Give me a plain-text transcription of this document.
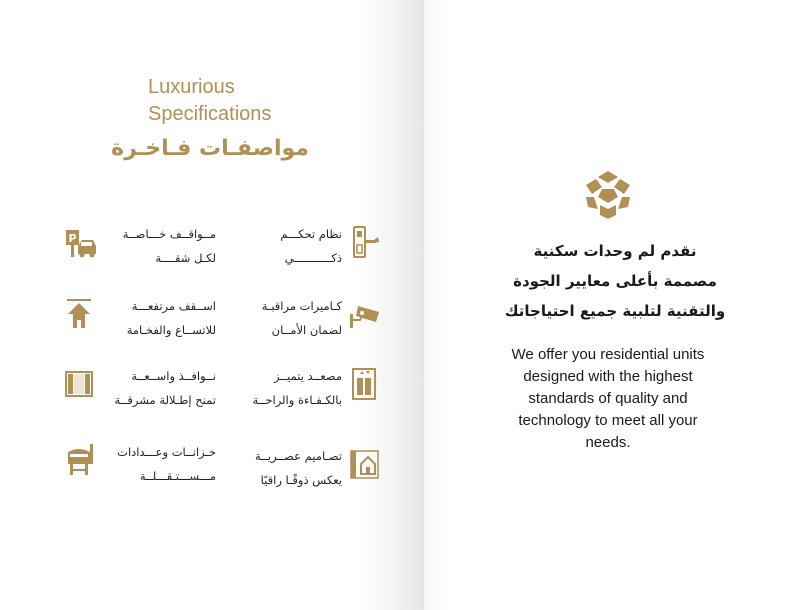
Luxurious
Specifications
مواصفـات فـاخـرة
P	مــواقــف خـــاصــة
لكـل شقــــة
نظام تحكـــم
ذكـــــــــــي
اســقف مرتفعـــة
للاتســاع والفخـامة
كـاميرات مراقبـة
لضمان الأمــان
نــوافــذ واســعــة
تمنح إطـلالة مشرقــة
مصعــد يتميــز
بالكـفـاءة والراحــة
خـزانــات وعـــدادات
مـــســـتـقـــلــة
تصـاميم عصــريــة
يعكس ذوقًـا راقيًا
نقدم لم وحدات سكنية
مصممة بأعلى معايير الجودة
والتقنية لتلبية جميع احتياجاتك
We offer you residential units
designed with the highest
standards of quality and
technology to meet all your
needs.
